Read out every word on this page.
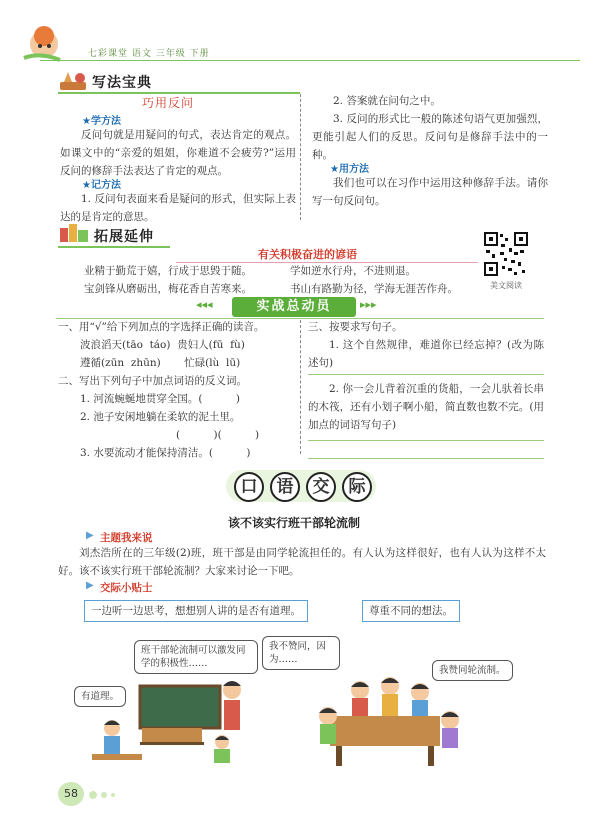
七彩课堂 语文 三年级 下册
写法宝典
巧用反问
★学方法
反问句就是用疑问的句式，表达肯定的观点。如课文中的“亲爱的姐姐，你难道不会疲劳?”运用反问的修辞手法表达了肯定的观点。
★记方法
1. 反问句表面来看是疑问的形式，但实际上表达的是肯定的意思。
2. 答案就在问句之中。
3. 反问的形式比一般的陈述句语气更加强烈，更能引起人们的反思。反问句是修辞手法中的一种。
★用方法
我们也可以在习作中运用这种修辞手法。请你写一句反问句。
拓展延伸
有关积极奋进的谚语
业精于勤荒于嬉，行成于思毁于随。	学如逆水行舟，不进则退。
宝剑锋从磨砺出，梅花香自苦寒来。	书山有路勤为径，学海无涯苦作舟。	美文阅读
◂◂◂	实战总动员	▸▸▸
一、用“√”给下列加点的字选择正确的读音。
波浪滔天(tāo  táo)  贵妇人(fū  fù)
遵循(zūn  zhūn)       忙碌(lù  lū)
二、写出下列句子中加点词语的反义词。
1. 河流蜿蜒地贯穿全国。(          )
2. 池子安闲地躺在柔软的泥土里。
(          )(          )
3. 水要流动才能保持清洁。(          )
三、按要求写句子。
1. 这个自然规律，难道你已经忘掉？(改为陈述句)
2. 你一会儿背着沉重的货船，一会儿驮着长串的木筏，还有小划子啊小船，简直数也数不完。(用加点的词语写句子)
口	语	交	际
该不该实行班干部轮流制
▶ 主题我来说
刘杰浩所在的三年级(2)班，班干部是由同学轮流担任的。有人认为这样很好，也有人认为这样不太好。该不该实行班干部轮流制？大家来讨论一下吧。
▶ 交际小贴士
一边听一边思考，想想别人讲的是否有道理。	尊重不同的想法。
班干部轮流制可以激发同学的积极性……
有道理。
我不赞同，因为……
我赞同轮流制。
58
